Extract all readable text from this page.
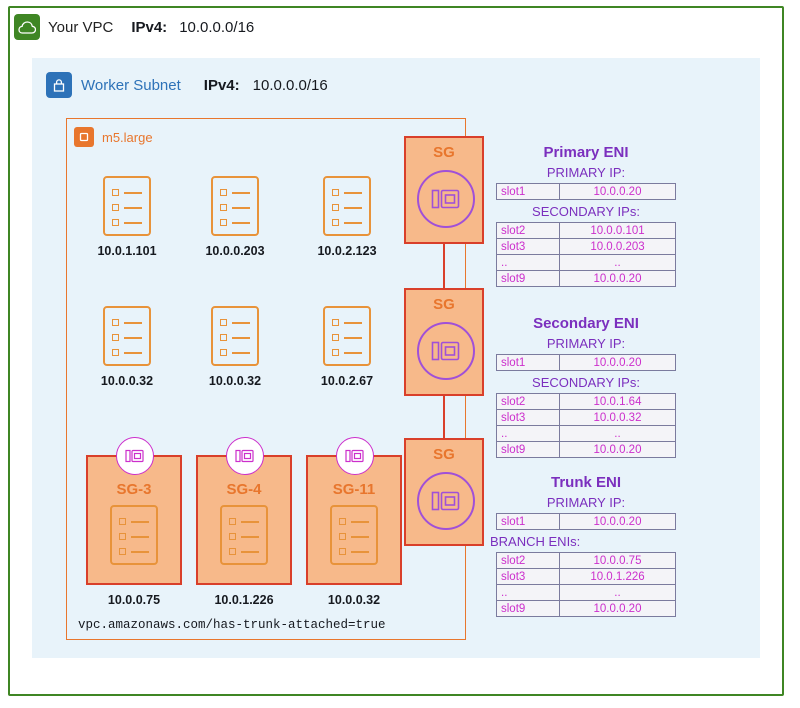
Your VPC IPv4: 10.0.0.0/16
Worker Subnet IPv4: 10.0.0.0/16
m5.large
10.0.1.101	10.0.0.203	10.0.2.123
10.0.0.32	10.0.0.32	10.0.2.67
SG-3
10.0.0.75
SG-4
10.0.1.226
SG-11
10.0.0.32
vpc.amazonaws.com/has-trunk-attached=true
SG
SG
SG
Primary ENI
PRIMARY IP:
slot1	10.0.0.20
SECONDARY IPs:
slot2	10.0.0.101
slot3	10.0.0.203
..	..
slot9	10.0.0.20
Secondary ENI
PRIMARY IP:
slot1	10.0.0.20
SECONDARY IPs:
slot2	10.0.1.64
slot3	10.0.0.32
..	..
slot9	10.0.0.20
Trunk ENI
PRIMARY IP:
slot1	10.0.0.20
BRANCH ENIs:
slot2	10.0.0.75
slot3	10.0.1.226
..	..
slot9	10.0.0.20
